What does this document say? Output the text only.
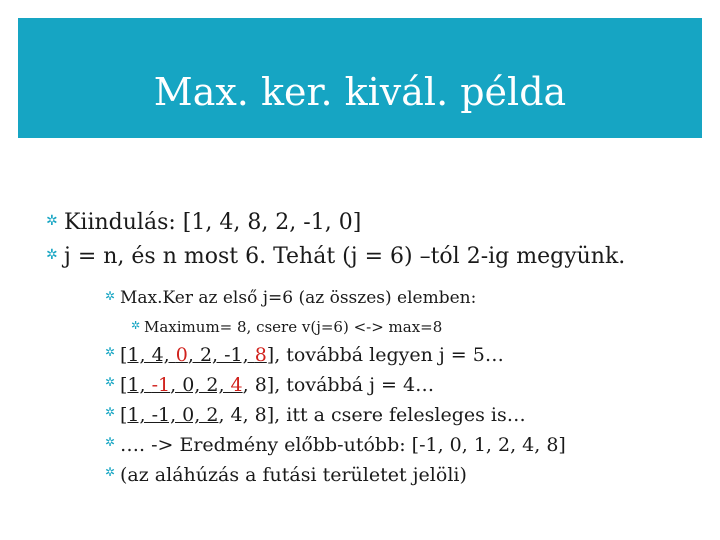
Max. ker. kivál. példa
✲ Kiindulás: [1, 4, 8, 2, -1, 0]
✲ j = n, és n most 6. Tehát (j = 6) –tól 2-ig megyünk.
✲ Max.Ker az első j=6 (az összes) elemben:
✲ Maximum= 8, csere v(j=6) <-> max=8
✲ [1, 4, 0, 2, -1, 8], továbbá legyen j = 5…
✲ [1, -1, 0, 2, 4, 8], továbbá j = 4…
✲ [1, -1, 0, 2, 4, 8], itt a csere felesleges is…
✲ …. -> Eredmény előbb-utóbb: [-1, 0, 1, 2, 4, 8]
✲ (az aláhúzás a futási területet jelöli)
